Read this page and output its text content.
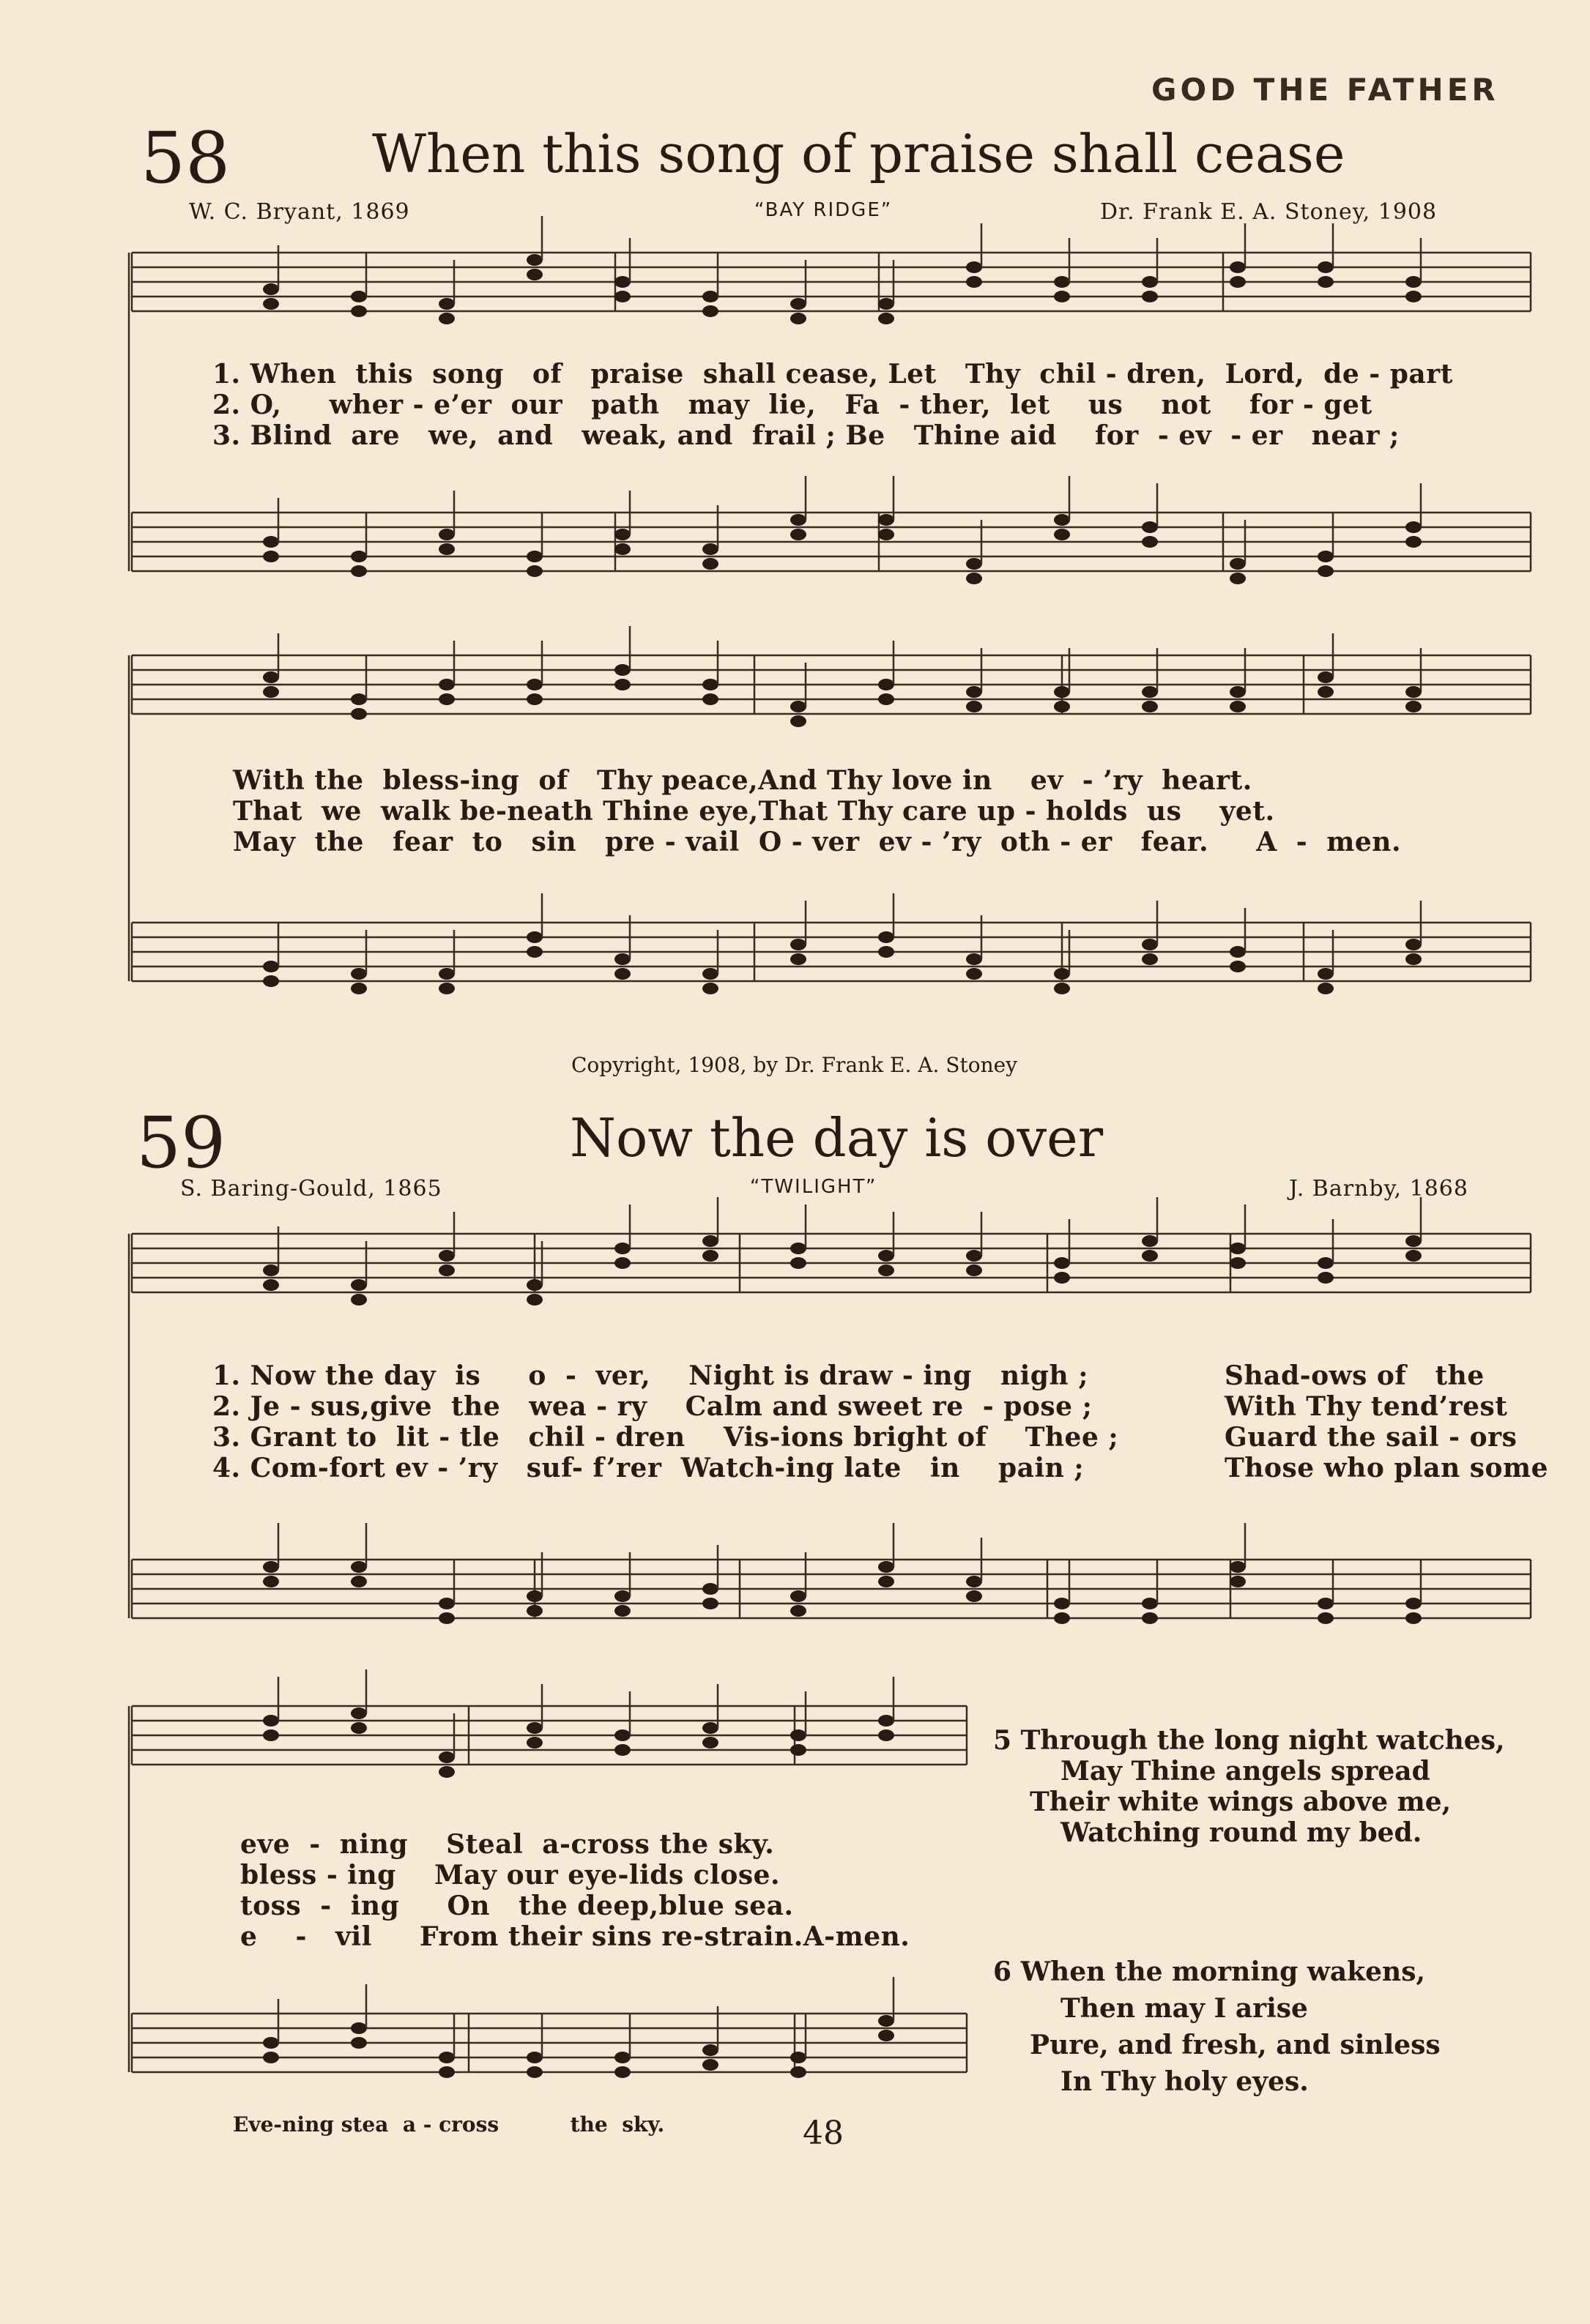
GOD THE FATHER
58	When this song of praise shall cease
W. C. Bryant, 1869	“BAY RIDGE”	Dr. Frank E. A. Stoney, 1908
1. When  this  song   of   praise  shall cease, Let   Thy  chil - dren,  Lord,  de - part
2. O,     wher - e’er  our   path   may  lie,   Fa  - ther,  let    us    not    for - get
3. Blind  are   we,  and   weak, and  frail ; Be   Thine aid    for  - ev  - er   near ;
With the  bless-ing  of   Thy peace,And Thy love in    ev  - ’ry  heart.
That  we  walk be-neath Thine eye,That Thy care up - holds  us    yet.
May  the   fear  to   sin   pre - vail  O - ver  ev - ’ry  oth - er   fear.     A  -  men.
Copyright, 1908, by Dr. Frank E. A. Stoney
59	Now the day is over
S. Baring-Gould, 1865	“TWILIGHT”	J. Barnby, 1868
1. Now the day  is     o  -  ver,    Night is draw - ing   nigh ;
2. Je - sus,give  the   wea - ry    Calm and sweet re  - pose ;
3. Grant to  lit - tle   chil - dren    Vis-ions bright of    Thee ;
4. Com-fort ev - ’ry   suf- f’rer  Watch-ing late   in    pain ;
Shad-ows of   the
With Thy tend’rest
Guard the sail - ors
Those who plan some
eve  -  ning    Steal  a-cross the sky.
bless - ing    May our eye-lids close.
toss  -  ing     On   the deep,blue sea.
e    -   vil     From their sins re-strain.A-men.
Eve-ning stea  a - cross          the  sky.
5 Through the long night watches,
May Thine angels spread
Their white wings above me,
Watching round my bed.
6 When the morning wakens,
Then may I arise
Pure, and fresh, and sinless
In Thy holy eyes.
48
